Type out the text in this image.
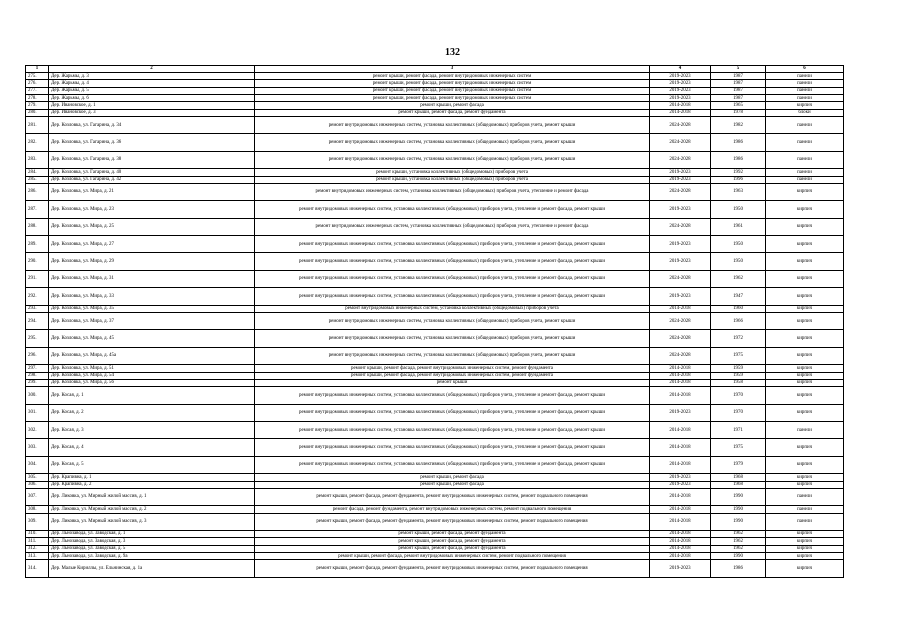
132
1	2	3	4	5	6
275.	Дер. Жарьмы, д. 3	ремонт крыши, ремонт фасада, ремонт внутридомовых инженерных систем	2019-2023	1987	панели
276.	Дер. Жарьмы, д. 4	ремонт крыши, ремонт фасада, ремонт внутридомовых инженерных систем	2019-2023	1987	панели
277.	Дер. Жарьмы, д. 5	ремонт крыши, ремонт фасада, ремонт внутридомовых инженерных систем	2019-2023	1987	панели
278.	Дер. Жарьмы, д. 6	ремонт крыши, ремонт фасада, ремонт внутридомовых инженерных систем	2019-2023	1987	панели
279.	Дер. Ивановское, д. 1	ремонт крыши, ремонт фасада	2014-2018	1965	кирпич
280.	Дер. Ивановское, д. 3	ремонт крыши, ремонт фасада, ремонт фундамента	2014-2018	1978	блоки
281.	Дер. Козловка, ул. Гагарина, д. 34	ремонт внутридомовых инженерных систем, установка коллективных (общедомовых) приборов учета, ремонт крыши	2024-2028	1982	панели
282.	Дер. Козловка, ул. Гагарина, д. 36	ремонт внутридомовых инженерных систем, установка коллективных (общедомовых) приборов учета, ремонт крыши	2024-2028	1986	панели
283.	Дер. Козловка, ул. Гагарина, д. 38	ремонт внутридомовых инженерных систем, установка коллективных (общедомовых) приборов учета, ремонт крыши	2024-2028	1986	панели
284.	Дер. Козловка, ул. Гагарина, д. 40	ремонт крыши, установка коллективных (общедомовых) приборов учета	2019-2023	1992	панели
285.	Дер. Козловка, ул. Гагарина, д. 42	ремонт крыши, установка коллективных (общедомовых) приборов учета	2019-2023	1996	панели
286.	Дер. Козловка, ул. Мира, д. 21	ремонт внутридомовых инженерных систем, установка коллективных (общедомовых) приборов учета, утепление и ремонт фасада	2024-2028	1963	кирпич
287.	Дер. Козловка, ул. Мира, д. 23	ремонт внутридомовых инженерных систем, установка коллективных (общедомовых) приборов учета, утепление и ремонт фасада, ремонт крыши	2019-2023	1950	кирпич
288.	Дер. Козловка, ул. Мира, д. 25	ремонт внутридомовых инженерных систем, установка коллективных (общедомовых) приборов учета, утепление и ремонт фасада	2024-2028	1961	кирпич
289.	Дер. Козловка, ул. Мира, д. 27	ремонт внутридомовых инженерных систем, установка коллективных (общедомовых) приборов учета, утепление и ремонт фасада, ремонт крыши	2019-2023	1950	кирпич
290.	Дер. Козловка, ул. Мира, д. 29	ремонт внутридомовых инженерных систем, установка коллективных (общедомовых) приборов учета, утепление и ремонт фасада, ремонт крыши	2019-2023	1950	кирпич
291.	Дер. Козловка, ул. Мира, д. 31	ремонт внутридомовых инженерных систем, установка коллективных (общедомовых) приборов учета, утепление и ремонт фасада, ремонт крыши	2024-2028	1962	кирпич
292.	Дер. Козловка, ул. Мира, д. 33	ремонт внутридомовых инженерных систем, установка коллективных (общедомовых) приборов учета, утепление и ремонт фасада, ремонт крыши	2019-2023	1947	кирпич
293.	Дер. Козловка, ул. Мира, д. 35	ремонт внутридомовых инженерных систем, установка коллективных (общедомовых) приборов учета	2014-2018	1960	кирпич
294.	Дер. Козловка, ул. Мира, д. 37	ремонт внутридомовых инженерных систем, установка коллективных (общедомовых) приборов учета, ремонт крыши	2024-2028	1966	кирпич
295.	Дер. Козловка, ул. Мира, д. 45	ремонт внутридомовых инженерных систем, установка коллективных (общедомовых) приборов учета, ремонт крыши	2024-2028	1972	кирпич
296.	Дер. Козловка, ул. Мира, д. 45а	ремонт внутридомовых инженерных систем, установка коллективных (общедомовых) приборов учета, ремонт крыши	2024-2028	1975	кирпич
297.	Дер. Козловка, ул. Мира, д. 51	ремонт крыши, ремонт фасада, ремонт внутридомовых инженерных систем, ремонт фундамента	2014-2018	1959	кирпич
298.	Дер. Козловка, ул. Мира, д. 54	ремонт крыши, ремонт фасада, ремонт внутридомовых инженерных систем, ремонт фундамента	2014-2018	1959	кирпич
299.	Дер. Козловка, ул. Мира, д. 56	ремонт крыши	2014-2018	1958	кирпич
300.	Дер. Косая, д. 1	ремонт внутридомовых инженерных систем, установка коллективных (общедомовых) приборов учета, утепление и ремонт фасада, ремонт крыши	2014-2018	1970	кирпич
301.	Дер. Косая, д. 2	ремонт внутридомовых инженерных систем, установка коллективных (общедомовых) приборов учета, утепление и ремонт фасада, ремонт крыши	2019-2023	1970	кирпич
302.	Дер. Косая, д. 3	ремонт внутридомовых инженерных систем, установка коллективных (общедомовых) приборов учета, утепление и ремонт фасада, ремонт крыши	2014-2018	1971	панели
303.	Дер. Косая, д. 4	ремонт внутридомовых инженерных систем, установка коллективных (общедомовых) приборов учета, утепление и ремонт фасада, ремонт крыши	2014-2018	1975	кирпич
304.	Дер. Косая, д. 5	ремонт внутридомовых инженерных систем, установка коллективных (общедомовых) приборов учета, утепление и ремонт фасада, ремонт крыши	2014-2018	1979	кирпич
305.	Дер. Крапивна, д. 1	ремонт крыши, ремонт фасада	2019-2023	1968	кирпич
306.	Дер. Крапивна, д. 2	ремонт крыши, ремонт фасада	2019-2023	1968	кирпич
307.	Дер. Ликовка, ул. Мирный жилой массив, д. 1	ремонт крыши, ремонт фасада, ремонт фундамента, ремонт внутридомовых инженерных систем, ремонт подвального помещения	2014-2018	1990	панели
308.	Дер. Ликовка, ул. Мирный жилой массив, д. 2	ремонт фасада, ремонт фундамента, ремонт внутридомовых инженерных систем, ремонт подвального помещения	2014-2018	1990	панели
309.	Дер. Ликовка, ул. Мирный жилой массив, д. 3	ремонт крыши, ремонт фасада, ремонт фундамента, ремонт внутридомовых инженерных систем, ремонт подвального помещения	2014-2018	1990	панели
310.	Дер. Льнозавода, ул. Заводская, д. 1	ремонт крыши, ремонт фасада, ремонт фундамента	2014-2018	1962	кирпич
311.	Дер. Льнозавода, ул. Заводская, д. 3	ремонт крыши, ремонт фасада, ремонт фундамента	2014-2018	1962	кирпич
312.	Дер. Льнозавода, ул. Заводская, д. 5	ремонт крыши, ремонт фасада, ремонт фундамента	2014-2018	1962	кирпич
313.	Дер. Льнозавода, ул. Заводская, д. 9а	ремонт крыши, ремонт фасада, ремонт внутридомовых инженерных систем, ремонт подвального помещения	2014-2018	1990	кирпич
314.	Дер. Малые Кириллы, ул. Ельнинская, д. 1а	ремонт крыши, ремонт фасада, ремонт фундамента, ремонт внутридомовых инженерных систем, ремонт подвального помещения	2019-2023	1986	кирпич
